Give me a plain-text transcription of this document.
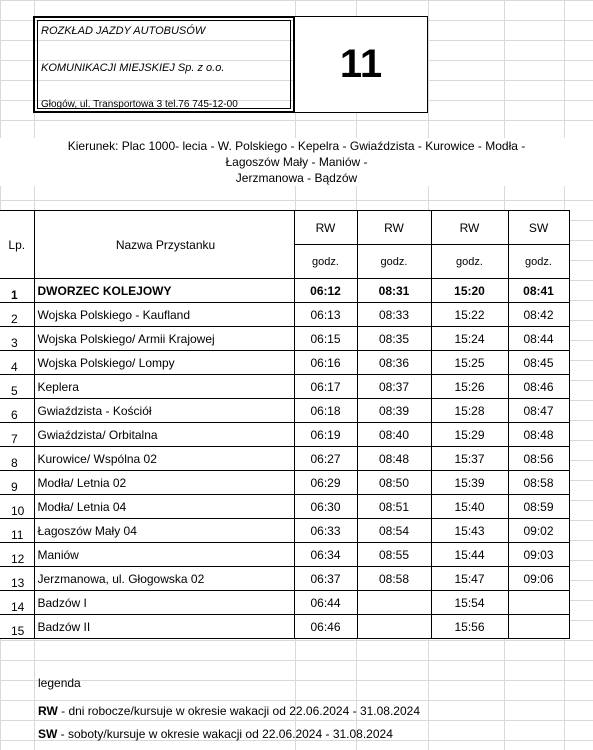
ROZKŁAD JAZDY AUTOBUSÓW
KOMUNIKACJI MIEJSKIEJ Sp. z o.o.
Głogów, ul. Transportowa 3 tel.76 745-12-00
11
Kierunek: Plac 1000- lecia - W. Polskiego - Kepelra - Gwiaździsta - Kurowice - Modła -
Łagoszów Mały - Maniów -
Jerzmanowa - Bądzów
Lp.	Nazwa Przystanku	RW	RW	RW	SW
		godz.	godz.	godz.	godz.
1	DWORZEC KOLEJOWY	06:12	08:31	15:20	08:41
2	Wojska Polskiego - Kaufland	06:13	08:33	15:22	08:42
3	Wojska Polskiego/ Armii Krajowej	06:15	08:35	15:24	08:44
4	Wojska Polskiego/ Lompy	06:16	08:36	15:25	08:45
5	Keplera	06:17	08:37	15:26	08:46
6	Gwiaździsta - Kościół	06:18	08:39	15:28	08:47
7	Gwiaździsta/ Orbitalna	06:19	08:40	15:29	08:48
8	Kurowice/ Wspólna 02	06:27	08:48	15:37	08:56
9	Modła/ Letnia 02	06:29	08:50	15:39	08:58
10	Modła/ Letnia 04	06:30	08:51	15:40	08:59
11	Łagoszów Mały 04	06:33	08:54	15:43	09:02
12	Maniów	06:34	08:55	15:44	09:03
13	Jerzmanowa, ul. Głogowska 02	06:37	08:58	15:47	09:06
14	Badzów I	06:44		15:54	
15	Badzów II	06:46		15:56	
legenda
RW - dni robocze/kursuje w okresie wakacji od 22.06.2024 - 31.08.2024
SW - soboty/kursuje w okresie wakacji od 22.06.2024 - 31.08.2024
